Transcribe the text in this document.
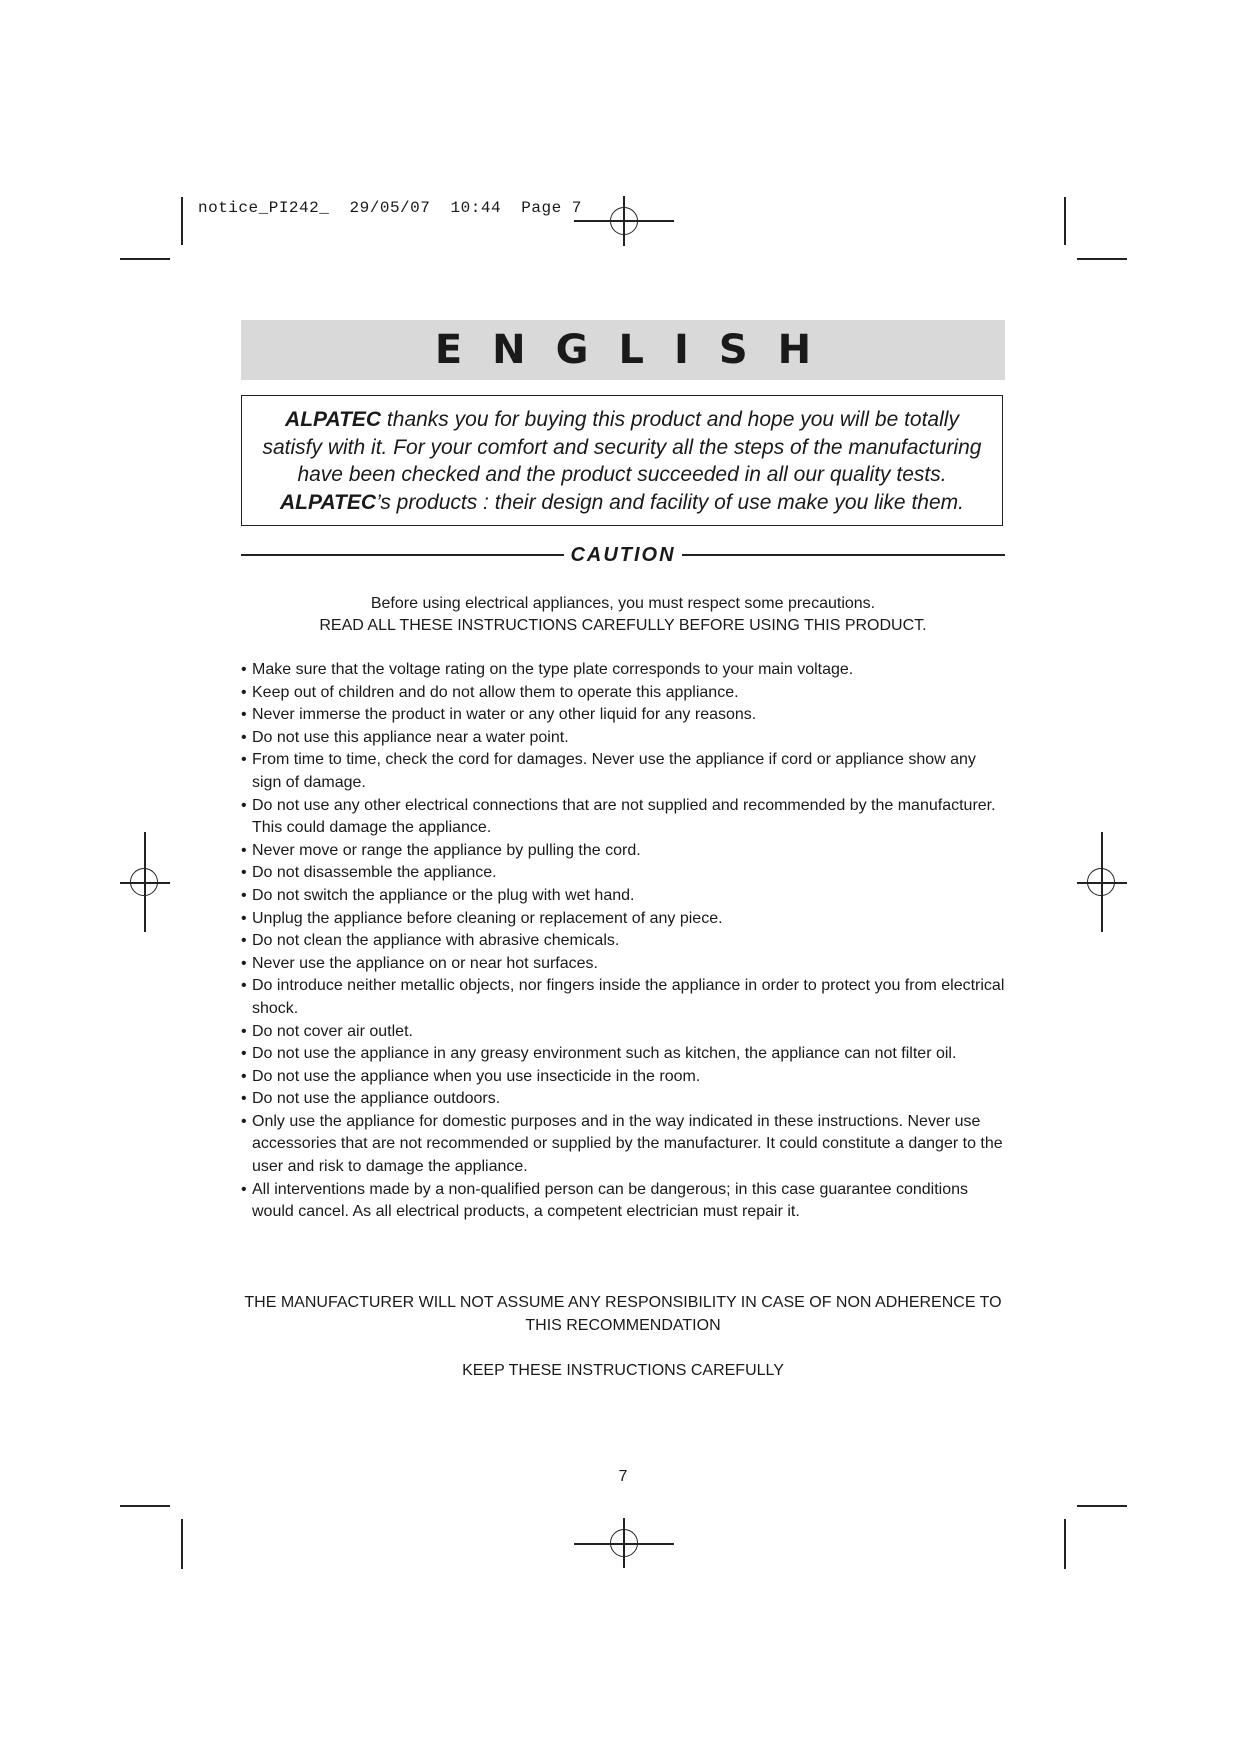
notice_PI242_ 29/05/07 10:44 Page 7
ENGLISH
ALPATEC thanks you for buying this product and hope you will be totally
satisfy with it. For your comfort and security all the steps of the manufacturing
have been checked and the product succeeded in all our quality tests.
ALPATEC’s products : their design and facility of use make you like them.
CAUTION
Before using electrical appliances, you must respect some precautions.
READ ALL THESE INSTRUCTIONS CAREFULLY BEFORE USING THIS PRODUCT.
• Make sure that the voltage rating on the type plate corresponds to your main voltage.
• Keep out of children and do not allow them to operate this appliance.
• Never immerse the product in water or any other liquid for any reasons.
• Do not use this appliance near a water point.
• From time to time, check the cord for damages. Never use the appliance if cord or appliance show any sign of damage.
• Do not use any other electrical connections that are not supplied and recommended by the manufacturer. This could damage the appliance.
• Never move or range the appliance by pulling the cord.
• Do not disassemble the appliance.
• Do not switch the appliance or the plug with wet hand.
• Unplug the appliance before cleaning or replacement of any piece.
• Do not clean the appliance with abrasive chemicals.
• Never use the appliance on or near hot surfaces.
• Do introduce neither metallic objects, nor fingers inside the appliance in order to protect you from electrical shock.
• Do not cover air outlet.
• Do not use the appliance in any greasy environment such as kitchen, the appliance can not filter oil.
• Do not use the appliance when you use insecticide in the room.
• Do not use the appliance outdoors.
• Only use the appliance for domestic purposes and in the way indicated in these instructions. Never use accessories that are not recommended or supplied by the manufacturer. It could constitute a danger to the user and risk to damage the appliance.
• All interventions made by a non-qualified person can be dangerous; in this case guarantee conditions would cancel. As all electrical products, a competent electrician must repair it.
THE MANUFACTURER WILL NOT ASSUME ANY RESPONSIBILITY IN CASE OF NON ADHERENCE TO
THIS RECOMMENDATION
KEEP THESE INSTRUCTIONS CAREFULLY
7
